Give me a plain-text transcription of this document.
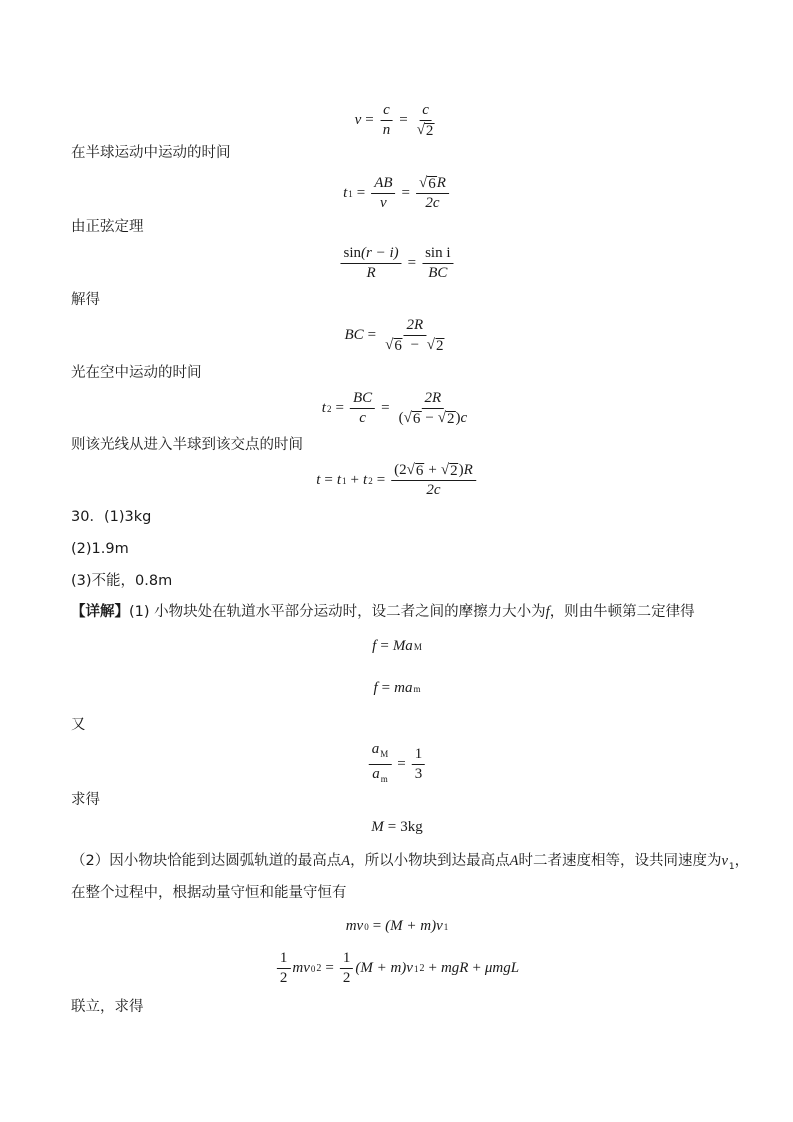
$v = \frac{c}{n} = \frac{c}{√ 2}$
在半球运动中运动的时间
t $1 = \frac{AB}{v} = \frac{√ 6 R}{2c}$
由正弦定理
$\frac{\sin(r - i)}{R} = \frac{\text{sin i}}{BC}$
解得
BC = $\frac{2R}{√ 6 - √ 2}$
光在空中运动的时间
t $2 = \frac{BC}{c} = \frac{2R}{( √ 6 - √ 2 )c}$
则该光线从进入半球到该交点的时间
t = t 1 + t $2 = \frac{(2 √ 6 + √ 2 )R}{2c}$
30．(1)3kg
(2)1.9m
(3)不能，0.8m
【详解】(1) 小物块处在轨道水平部分运动时，设二者之间的摩擦力大小为f，则由牛顿第二定律得
f = Ma M
f = ma m
又
$\frac{a_M}{a_m} = \frac{1}{3}$
求得
M = 3kg
（2）因小物块恰能到达圆弧轨道的最高点A，所以小物块到达最高点A时二者速度相等，设共同速度为$v_1$，
在整个过程中，根据动量守恒和能量守恒有
mv 0 = (M + m) v 1
$\frac{1}{2}$ mv 0 $2 = \frac{1}{2} (M + m)$ v 1 2 + mgR + μmgL
联立，求得
